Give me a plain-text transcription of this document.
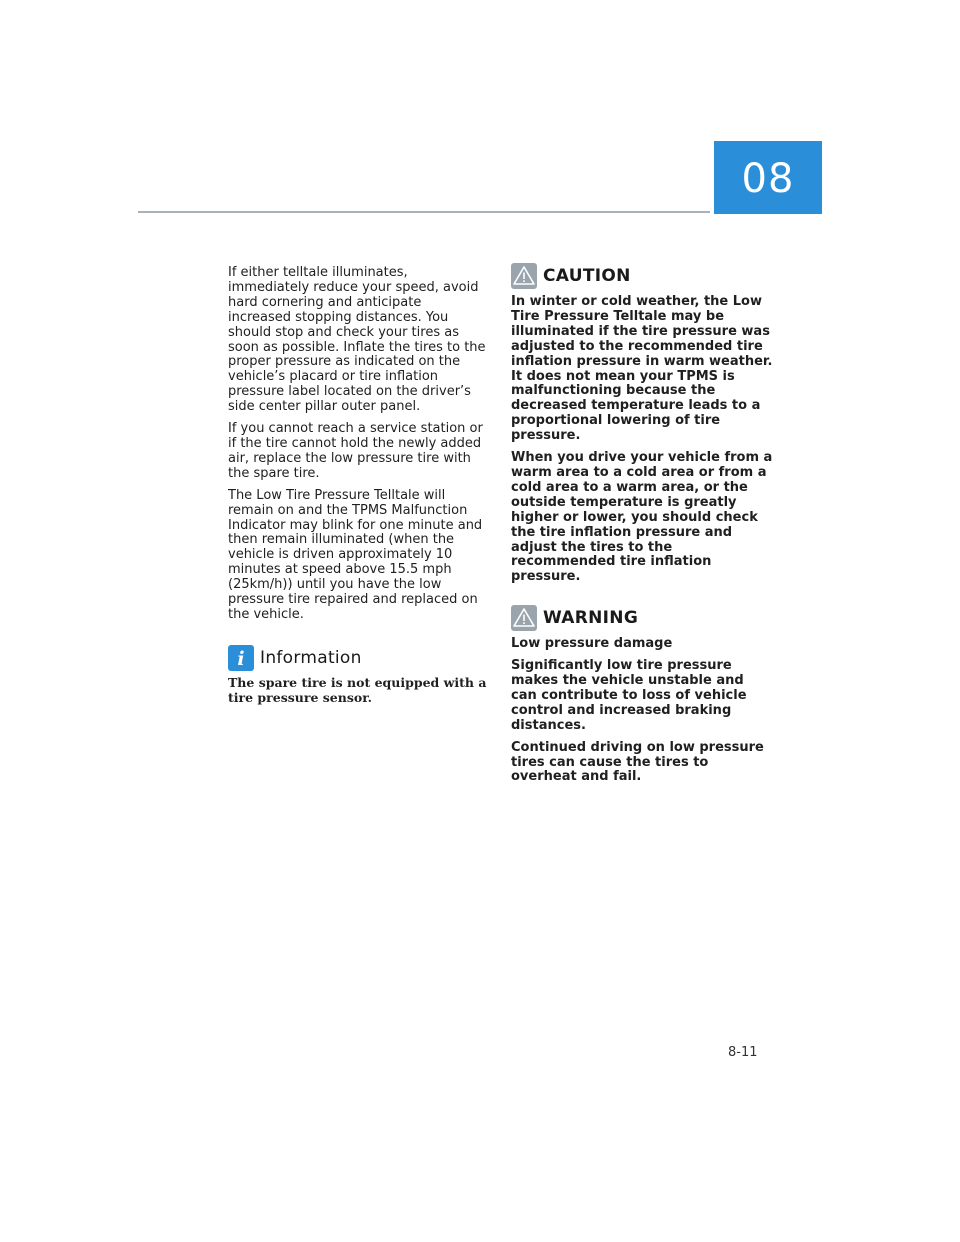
08

If either telltale illuminates, immediately reduce your speed, avoid hard cornering and anticipate increased stopping distances. You should stop and check your tires as soon as possible. Inflate the tires to the proper pressure as indicated on the vehicle’s placard or tire inflation pressure label located on the driver’s side center pillar outer panel.

If you cannot reach a service station or if the tire cannot hold the newly added air, replace the low pressure tire with the spare tire.

The Low Tire Pressure Telltale will remain on and the TPMS Malfunction Indicator may blink for one minute and then remain illuminated (when the vehicle is driven approximately 10 minutes at speed above 15.5 mph (25km/h)) until you have the low pressure tire repaired and replaced on the vehicle.

i Information

The spare tire is not equipped with a tire pressure sensor.

CAUTION

In winter or cold weather, the Low Tire Pressure Telltale may be illuminated if the tire pressure was adjusted to the recommended tire inflation pressure in warm weather. It does not mean your TPMS is malfunctioning because the decreased temperature leads to a proportional lowering of tire pressure.

When you drive your vehicle from a warm area to a cold area or from a cold area to a warm area, or the outside temperature is greatly higher or lower, you should check the tire inflation pressure and adjust the tires to the recommended tire inflation pressure.

WARNING

Low pressure damage

Significantly low tire pressure makes the vehicle unstable and can contribute to loss of vehicle control and increased braking distances.

Continued driving on low pressure tires can cause the tires to overheat and fail.

8-11
